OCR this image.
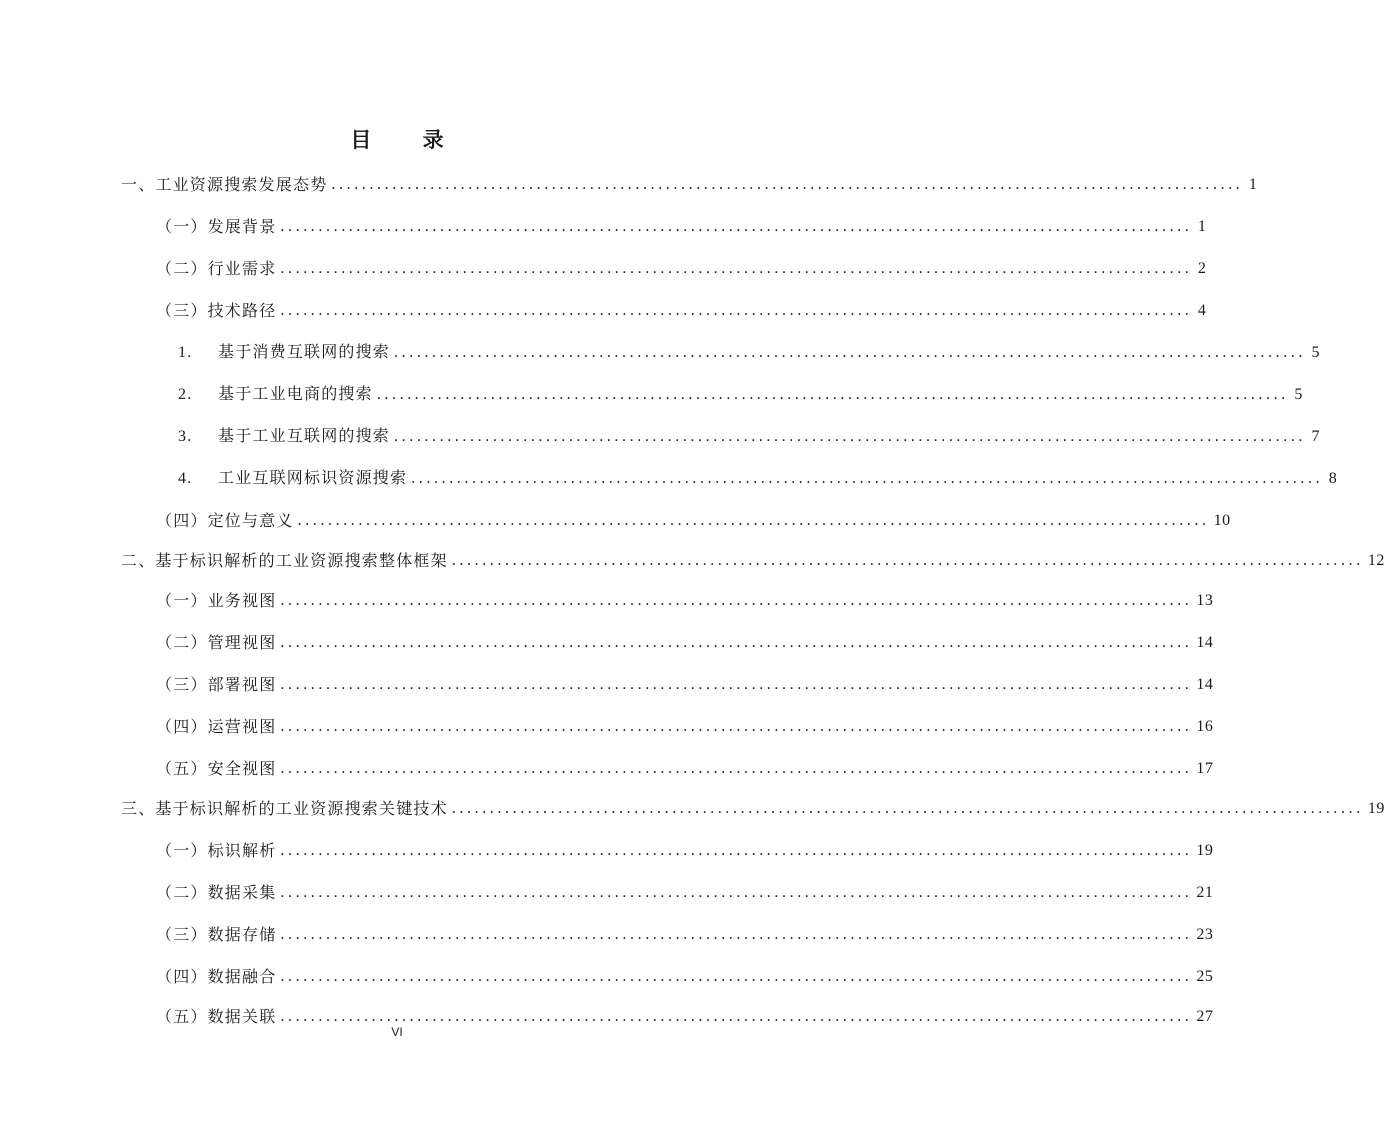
目 录
一、工业资源搜索发展态势 ........................................................................................................................ 1
（一）发展背景 ........................................................................................................................ 1
（二）行业需求 ........................................................................................................................ 2
（三）技术路径 ........................................................................................................................ 4
1. 基于消费互联网的搜索 ........................................................................................................................ 5
2. 基于工业电商的搜索 ........................................................................................................................ 5
3. 基于工业互联网的搜索 ........................................................................................................................ 7
4. 工业互联网标识资源搜索 ........................................................................................................................ 8
（四）定位与意义 ........................................................................................................................ 10
二、基于标识解析的工业资源搜索整体框架 ........................................................................................................................ 12
（一）业务视图 ........................................................................................................................ 13
（二）管理视图 ........................................................................................................................ 14
（三）部署视图 ........................................................................................................................ 14
（四）运营视图 ........................................................................................................................ 16
（五）安全视图 ........................................................................................................................ 17
三、基于标识解析的工业资源搜索关键技术 ........................................................................................................................ 19
（一）标识解析 ........................................................................................................................ 19
（二）数据采集 ........................................................................................................................ 21
（三）数据存储 ........................................................................................................................ 23
（四）数据融合 ........................................................................................................................ 25
（五）数据关联 ........................................................................................................................ 27
VI
